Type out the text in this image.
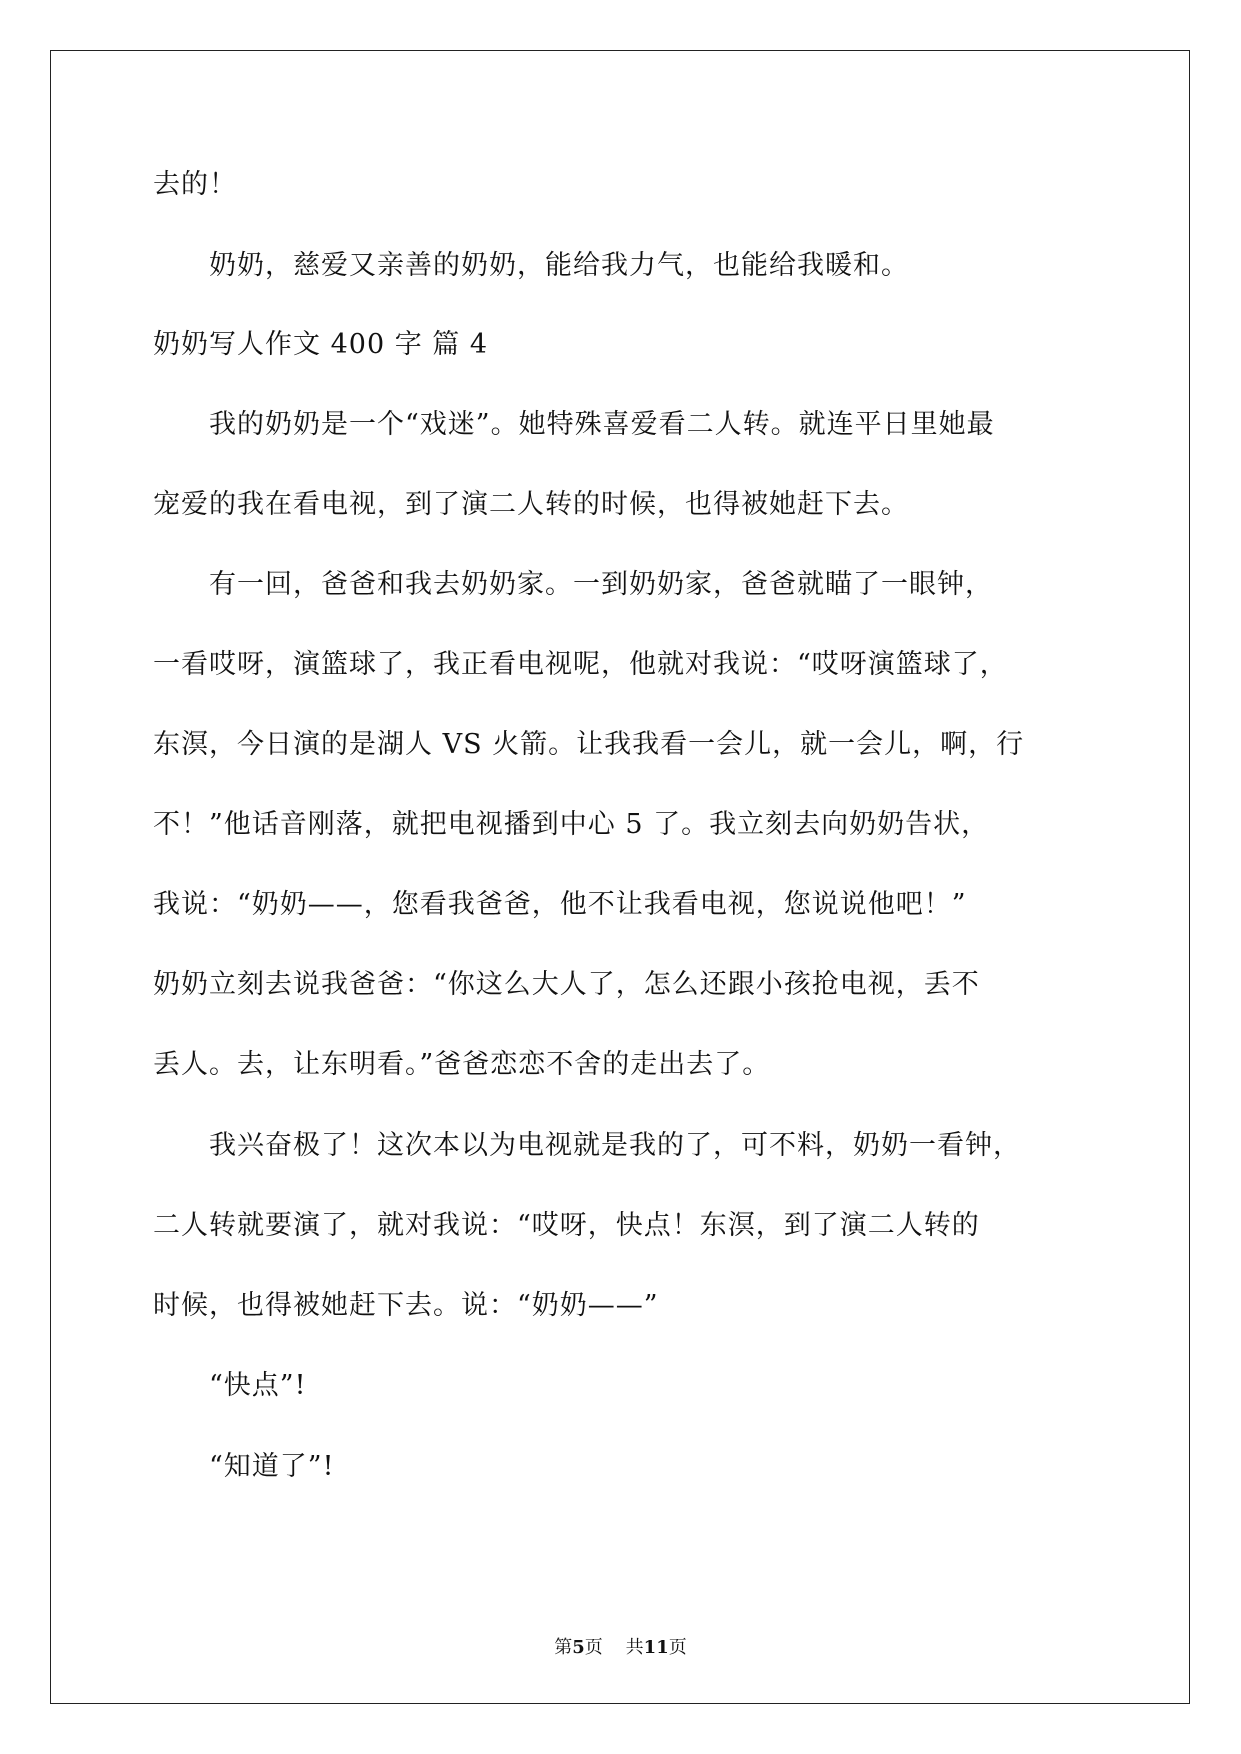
去的！
　　奶奶，慈爱又亲善的奶奶，能给我力气，也能给我暖和。
奶奶写人作文 400 字 篇 4
　　我的奶奶是一个“戏迷”。她特殊喜爱看二人转。就连平日里她最
宠爱的我在看电视，到了演二人转的时候，也得被她赶下去。
　　有一回，爸爸和我去奶奶家。一到奶奶家，爸爸就瞄了一眼钟，
一看哎呀，演篮球了，我正看电视呢，他就对我说：“哎呀演篮球了，
东溟，今日演的是湖人 VS 火箭。让我我看一会儿，就一会儿，啊，行
不！”他话音刚落，就把电视播到中心 5 了。我立刻去向奶奶告状，
我说：“奶奶——，您看我爸爸，他不让我看电视，您说说他吧！”
奶奶立刻去说我爸爸：“你这么大人了，怎么还跟小孩抢电视，丢不
丢人。去，让东明看。”爸爸恋恋不舍的走出去了。
　　我兴奋极了！这次本以为电视就是我的了，可不料，奶奶一看钟，
二人转就要演了，就对我说：“哎呀，快点！东溟，到了演二人转的
时候，也得被她赶下去。说：“奶奶——”
　　“快点”!
　　“知道了”!
第5页 共11页
